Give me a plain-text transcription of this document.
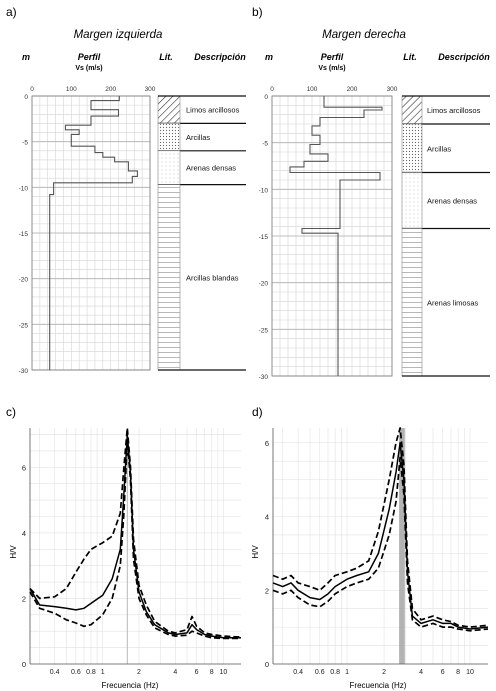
a)	b)
c)	d)
Margen izquierda
m	Perfil
Vs (m/s)
Lit. Descripción
Margen derecha
m	Perfil
Vs (m/s)
Lit. Descripción
Frecuencia (Hz)
H/V
Frecuencia (Hz)
H/V
0
-5
-10
-15
-20
-25
-30
0	100	200	300
Limos arcillosos
Arcillas
Arenas densas
Arcillas blandas
0
-5
-10
-15
-20
-25
-30
0	100	200	300
Limos arcillosos
Arcillas
Arenas densas
Arenas limosas
0
2
4
6
0.4 0.6 0.8 1	2	4 6 8 10
0
2
4
6
0.4 0.6 0.8 1	2	4	6 8 10
